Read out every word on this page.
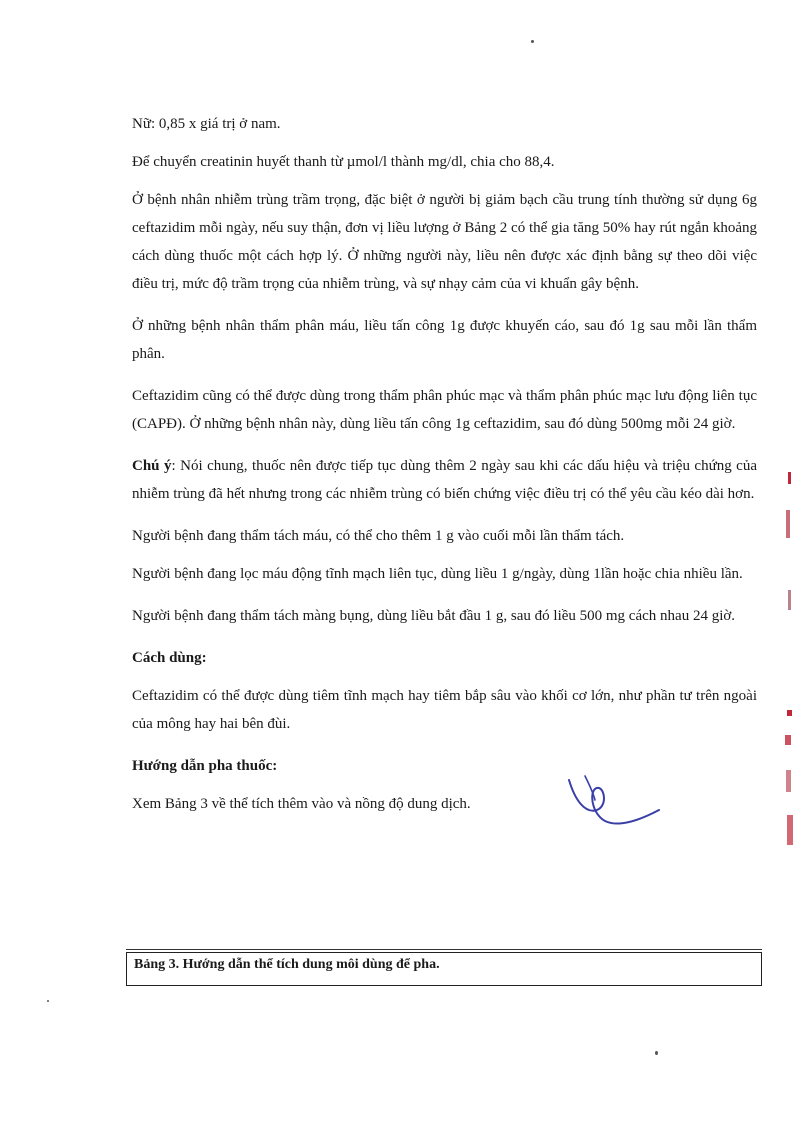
Nữ: 0,85 x giá trị ở nam.

Để chuyển creatinin huyết thanh từ µmol/l thành mg/dl, chia cho 88,4.

Ở bệnh nhân nhiễm trùng trầm trọng, đặc biệt ở người bị giảm bạch cầu trung tính thường sử dụng 6g ceftazidim mỗi ngày, nếu suy thận, đơn vị liều lượng ở Bảng 2 có thể gia tăng 50% hay rút ngắn khoảng cách dùng thuốc một cách hợp lý. Ở những người này, liều nên được xác định bằng sự theo dõi việc điều trị, mức độ trầm trọng của nhiễm trùng, và sự nhạy cảm của vi khuẩn gây bệnh.

Ở những bệnh nhân thẩm phân máu, liều tấn công 1g được khuyến cáo, sau đó 1g sau mỗi lần thẩm phân.

Ceftazidim cũng có thể được dùng trong thẩm phân phúc mạc và thẩm phân phúc mạc lưu động liên tục (CAPĐ). Ở những bệnh nhân này, dùng liều tấn công 1g ceftazidim, sau đó dùng 500mg mỗi 24 giờ.

Chú ý: Nói chung, thuốc nên được tiếp tục dùng thêm 2 ngày sau khi các dấu hiệu và triệu chứng của nhiễm trùng đã hết nhưng trong các nhiễm trùng có biến chứng việc điều trị có thể yêu cầu kéo dài hơn.

Người bệnh đang thẩm tách máu, có thể cho thêm 1 g vào cuối mỗi lần thẩm tách.

Người bệnh đang lọc máu động tĩnh mạch liên tục, dùng liều 1 g/ngày, dùng 1lần hoặc chia nhiều lần.

Người bệnh đang thẩm tách màng bụng, dùng liều bắt đầu 1 g, sau đó liều 500 mg cách nhau 24 giờ.

Cách dùng:

Ceftazidim có thể được dùng tiêm tĩnh mạch hay tiêm bắp sâu vào khối cơ lớn, như phần tư trên ngoài của mông hay hai bên đùi.

Hướng dẫn pha thuốc:

Xem Bảng 3 về thể tích thêm vào và nồng độ dung dịch.

Bảng 3. Hướng dẫn thể tích dung môi dùng để pha.
